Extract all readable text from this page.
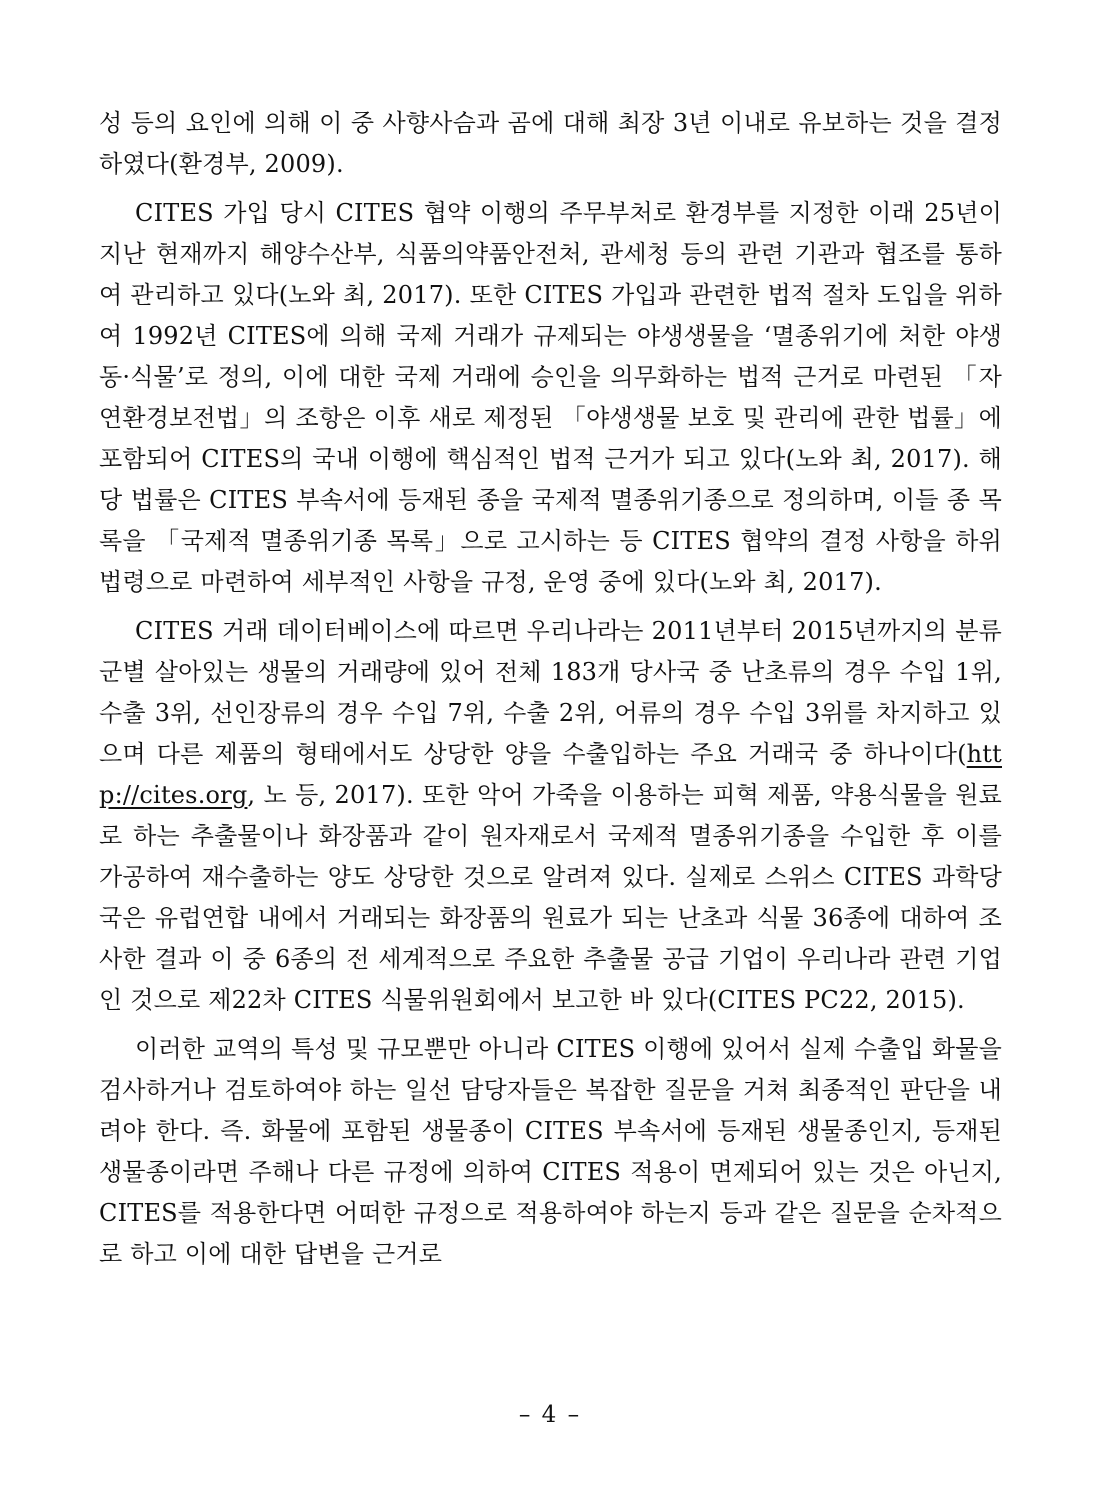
성 등의 요인에 의해 이 중 사향사슴과 곰에 대해 최장 3년 이내로 유보하는 것을 결정하였다(환경부, 2009).

CITES 가입 당시 CITES 협약 이행의 주무부처로 환경부를 지정한 이래 25년이 지난 현재까지 해양수산부, 식품의약품안전처, 관세청 등의 관련 기관과 협조를 통하여 관리하고 있다(노와 최, 2017). 또한 CITES 가입과 관련한 법적 절차 도입을 위하여 1992년 CITES에 의해 국제 거래가 규제되는 야생생물을 ‘멸종위기에 처한 야생동·식물’로 정의, 이에 대한 국제 거래에 승인을 의무화하는 법적 근거로 마련된 「자연환경보전법」의 조항은 이후 새로 제정된 「야생생물 보호 및 관리에 관한 법률」에 포함되어 CITES의 국내 이행에 핵심적인 법적 근거가 되고 있다(노와 최, 2017). 해당 법률은 CITES 부속서에 등재된 종을 국제적 멸종위기종으로 정의하며, 이들 종 목록을 「국제적 멸종위기종 목록」으로 고시하는 등 CITES 협약의 결정 사항을 하위 법령으로 마련하여 세부적인 사항을 규정, 운영 중에 있다(노와 최, 2017).

CITES 거래 데이터베이스에 따르면 우리나라는 2011년부터 2015년까지의 분류군별 살아있는 생물의 거래량에 있어 전체 183개 당사국 중 난초류의 경우 수입 1위, 수출 3위, 선인장류의 경우 수입 7위, 수출 2위, 어류의 경우 수입 3위를 차지하고 있으며 다른 제품의 형태에서도 상당한 양을 수출입하는 주요 거래국 중 하나이다(http://cites.org, 노 등, 2017). 또한 악어 가죽을 이용하는 피혁 제품, 약용식물을 원료로 하는 추출물이나 화장품과 같이 원자재로서 국제적 멸종위기종을 수입한 후 이를 가공하여 재수출하는 양도 상당한 것으로 알려져 있다. 실제로 스위스 CITES 과학당국은 유럽연합 내에서 거래되는 화장품의 원료가 되는 난초과 식물 36종에 대하여 조사한 결과 이 중 6종의 전 세계적으로 주요한 추출물 공급 기업이 우리나라 관련 기업인 것으로 제22차 CITES 식물위원회에서 보고한 바 있다(CITES PC22, 2015).

이러한 교역의 특성 및 규모뿐만 아니라 CITES 이행에 있어서 실제 수출입 화물을 검사하거나 검토하여야 하는 일선 담당자들은 복잡한 질문을 거쳐 최종적인 판단을 내려야 한다. 즉. 화물에 포함된 생물종이 CITES 부속서에 등재된 생물종인지, 등재된 생물종이라면 주해나 다른 규정에 의하여 CITES 적용이 면제되어 있는 것은 아닌지, CITES를 적용한다면 어떠한 규정으로 적용하여야 하는지 등과 같은 질문을 순차적으로 하고 이에 대한 답변을 근거로

– 4 –
